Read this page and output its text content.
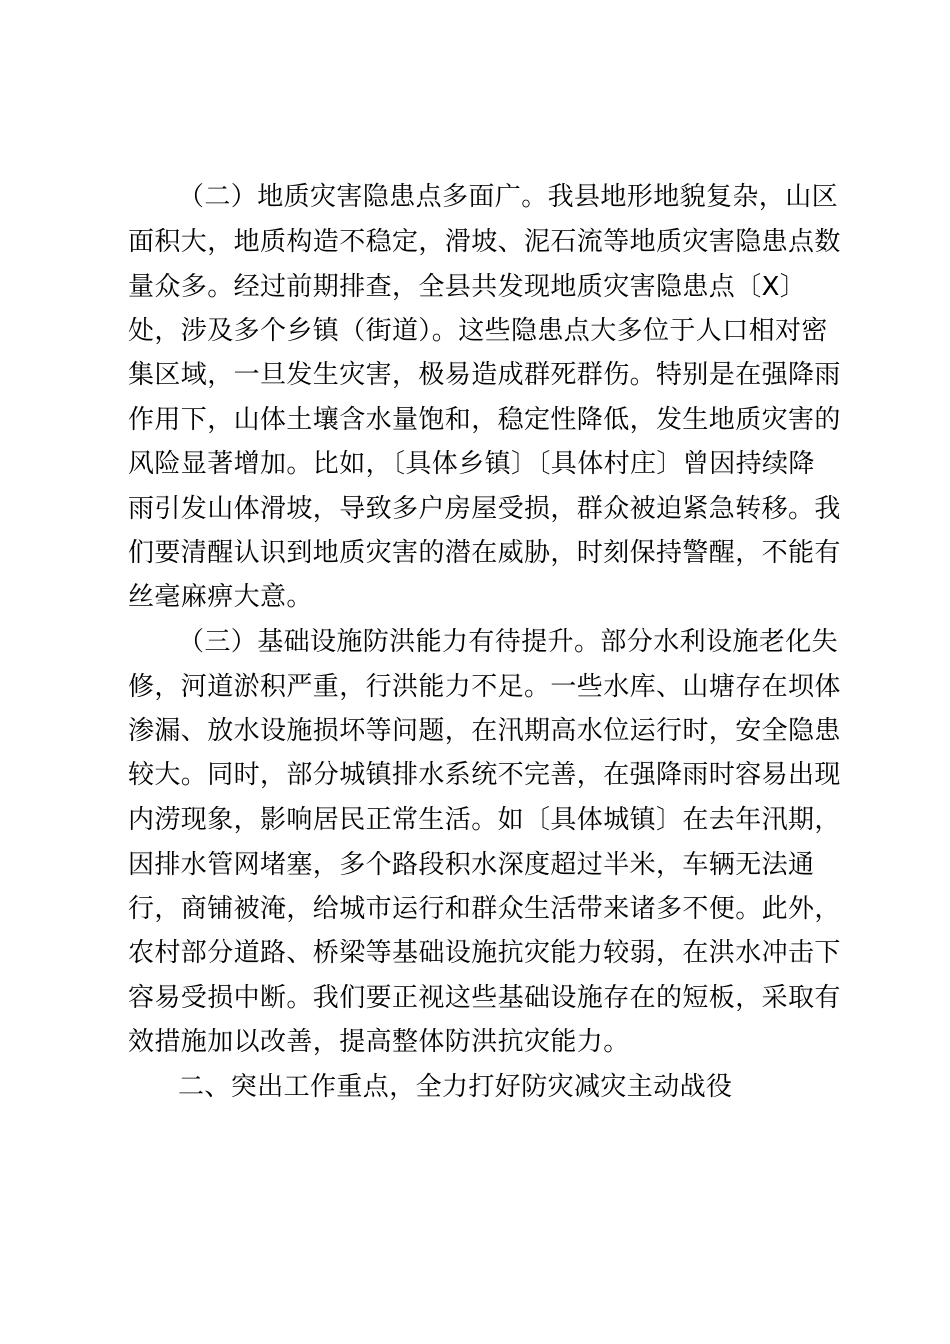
（二）地质灾害隐患点多面广。我县地形地貌复杂，山区
面积大，地质构造不稳定，滑坡、泥石流等地质灾害隐患点数
量众多。经过前期排查，全县共发现地质灾害隐患点〔X〕
处，涉及多个乡镇（街道）。这些隐患点大多位于人口相对密
集区域，一旦发生灾害，极易造成群死群伤。特别是在强降雨
作用下，山体土壤含水量饱和，稳定性降低，发生地质灾害的
风险显著增加。比如，〔具体乡镇〕〔具体村庄〕曾因持续降
雨引发山体滑坡，导致多户房屋受损，群众被迫紧急转移。我
们要清醒认识到地质灾害的潜在威胁，时刻保持警醒，不能有
丝毫麻痹大意。
（三）基础设施防洪能力有待提升。部分水利设施老化失
修，河道淤积严重，行洪能力不足。一些水库、山塘存在坝体
渗漏、放水设施损坏等问题，在汛期高水位运行时，安全隐患
较大。同时，部分城镇排水系统不完善，在强降雨时容易出现
内涝现象，影响居民正常生活。如〔具体城镇〕在去年汛期，
因排水管网堵塞，多个路段积水深度超过半米，车辆无法通
行，商铺被淹，给城市运行和群众生活带来诸多不便。此外，
农村部分道路、桥梁等基础设施抗灾能力较弱，在洪水冲击下
容易受损中断。我们要正视这些基础设施存在的短板，采取有
效措施加以改善，提高整体防洪抗灾能力。
二、突出工作重点，全力打好防灾减灾主动战役
